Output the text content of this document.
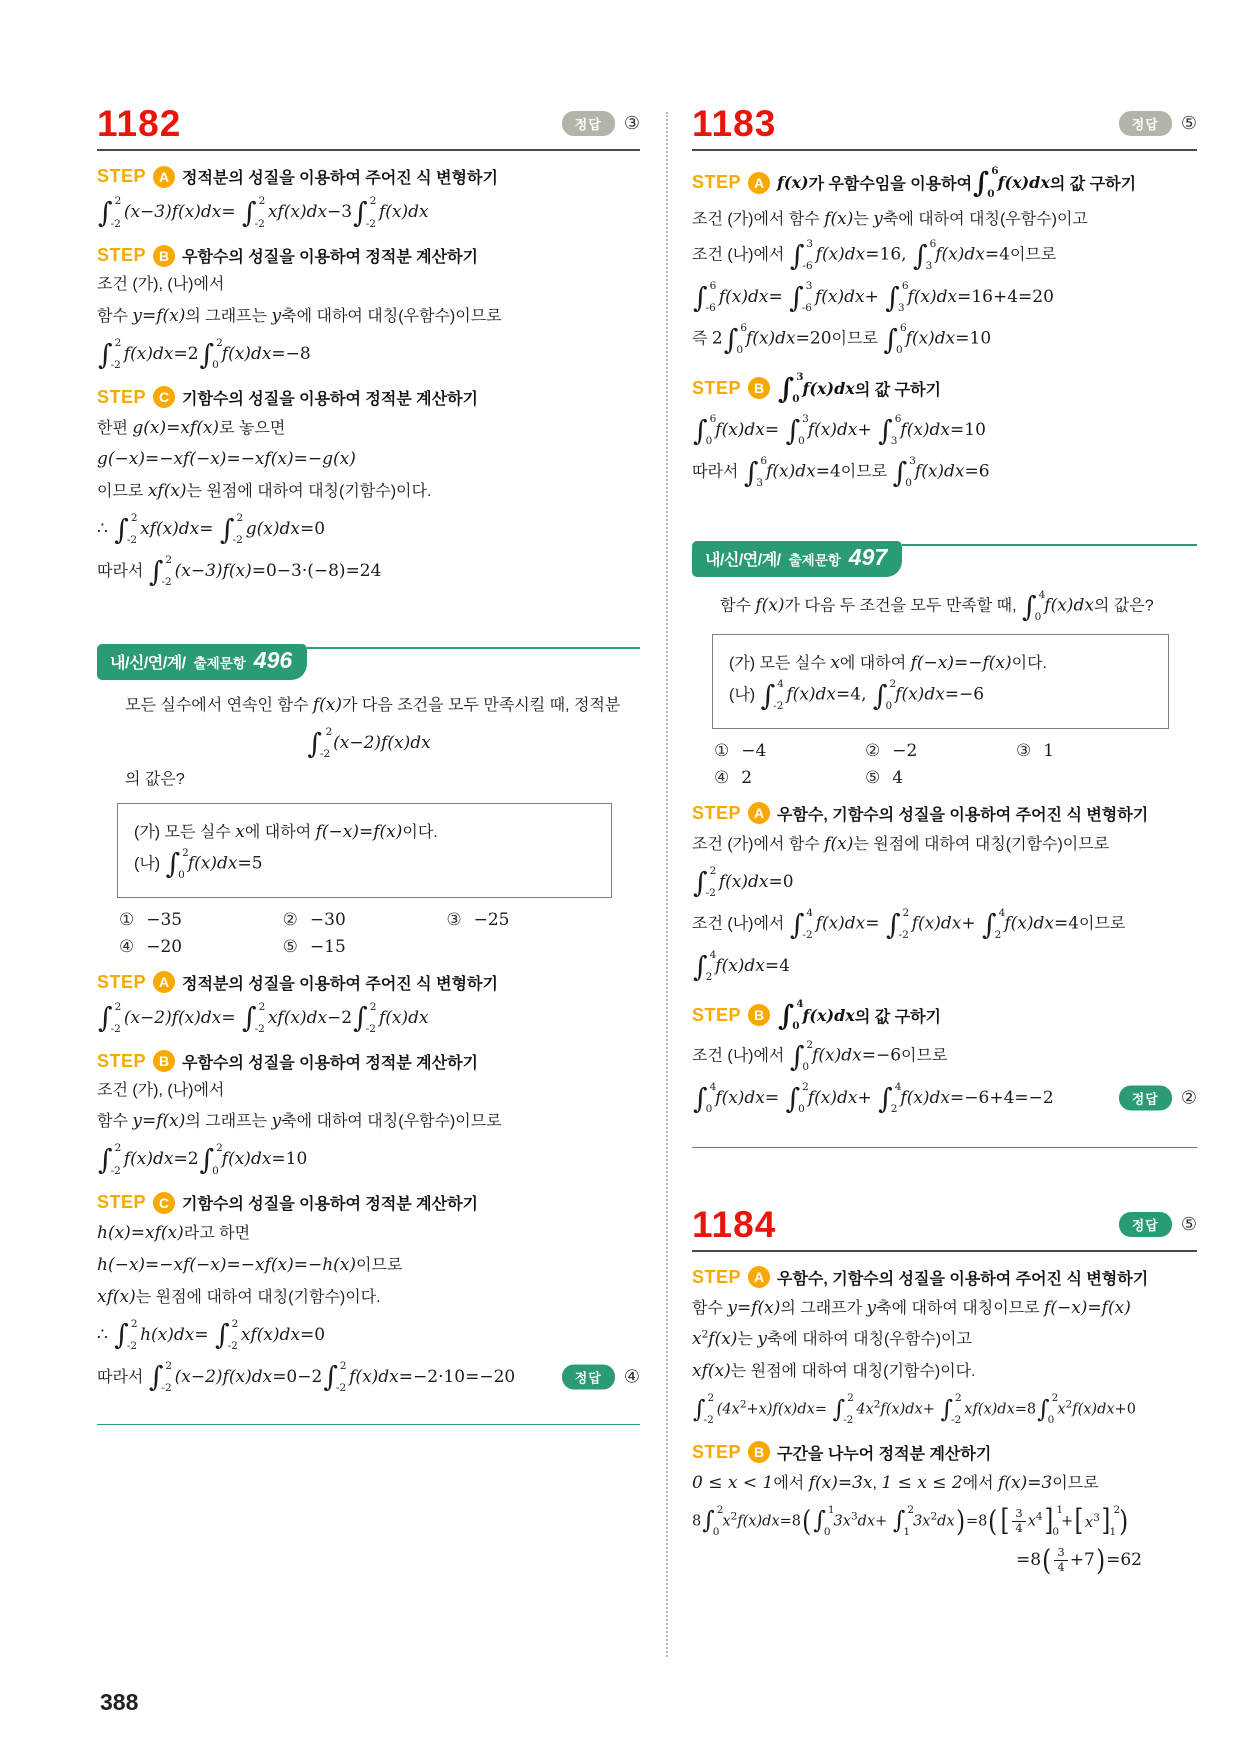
1182	정답	③
STEP A 정적분의 성질을 이용하여 주어진 식 변형하기
∫ 2
-2
(x−3)f(x)dx= ∫ 2
-2
xf(x)dx−3 ∫ 2
-2
f(x)dx
STEP B 우함수의 성질을 이용하여 정적분 계산하기
조건 (가), (나)에서
함수 y=f(x)의 그래프는 y축에 대하여 대칭(우함수)이므로
∫ 2
-2
f(x)dx=2 ∫ 2
0
f(x)dx=−8
STEP C 기함수의 성질을 이용하여 정적분 계산하기
한편 g(x)=xf(x)로 놓으면
g(−x)=−xf(−x)=−xf(x)=−g(x)
이므로 xf(x)는 원점에 대하여 대칭(기함수)이다.
∴ ∫ 2
-2
xf(x)dx= ∫ 2
-2
g(x)dx=0
따라서 ∫ 2
-2
(x−3)f(x)=0−3·(−8)=24
내/신/연/계/ 출제문항 496
모든 실수에서 연속인 함수 f(x)가 다음 조건을 모두 만족시킬 때, 정적분
∫ 2
-2
(x−2)f(x)dx
의 값은?
(가) 모든 실수 x에 대하여 f(−x)=f(x)이다.
(나) ∫ 2
0
f(x)dx=5
① −35	② −30	③ −25
④ −20	⑤ −15
STEP A 정적분의 성질을 이용하여 주어진 식 변형하기
∫ 2
-2
(x−2)f(x)dx= ∫ 2
-2
xf(x)dx−2 ∫ 2
-2
f(x)dx
STEP B 우함수의 성질을 이용하여 정적분 계산하기
조건 (가), (나)에서
함수 y=f(x)의 그래프는 y축에 대하여 대칭(우함수)이므로
∫ 2
-2
f(x)dx=2 ∫ 2
0
f(x)dx=10
STEP C 기함수의 성질을 이용하여 정적분 계산하기
h(x)=xf(x)라고 하면
h(−x)=−xf(−x)=−xf(x)=−h(x)이므로
xf(x)는 원점에 대하여 대칭(기함수)이다.
∴ ∫ 2
-2
h(x)dx= ∫ 2
-2
xf(x)dx=0
따라서 ∫ 2
-2
(x−2)f(x)dx=0−2 ∫ 2
-2
f(x)dx=−2·10=−20	정답	④
1183	정답	⑤
STEP A f(x) 가 우함수임을 이용하여 ∫ 6
0
f(x)dx 의 값 구하기
조건 (가)에서 함수 f(x)는 y축에 대하여 대칭(우함수)이고
조건 (나)에서 ∫ 3
-6
f(x)dx=16, ∫ 6
3
f(x)dx=4이므로
∫ 6
-6
f(x)dx= ∫ 3
-6
f(x)dx+ ∫ 6
3
f(x)dx=16+4=20
즉 2 ∫ 6
0
f(x)dx=20이므로 ∫ 6
0
f(x)dx=10
STEP B ∫ 3
0
f(x)dx 의 값 구하기
∫ 6
0
f(x)dx= ∫ 3
0
f(x)dx+ ∫ 6
3
f(x)dx=10
따라서 ∫ 6
3
f(x)dx=4이므로 ∫ 3
0
f(x)dx=6
내/신/연/계/ 출제문항 497
함수 f(x)가 다음 두 조건을 모두 만족할 때, ∫ 4
0
f(x)dx의 값은?
(가) 모든 실수 x에 대하여 f(−x)=−f(x)이다.
(나) ∫ 4
-2
f(x)dx=4, ∫ 2
0
f(x)dx=−6
① −4	② −2	③ 1
④ 2	⑤ 4
STEP A 우함수, 기함수의 성질을 이용하여 주어진 식 변형하기
조건 (가)에서 함수 f(x)는 원점에 대하여 대칭(기함수)이므로
∫ 2
-2
f(x)dx=0
조건 (나)에서 ∫ 4
-2
f(x)dx= ∫ 2
-2
f(x)dx+ ∫ 4
2
f(x)dx=4이므로
∫ 4
2
f(x)dx=4
STEP B ∫ 4
0
f(x)dx 의 값 구하기
조건 (나)에서 ∫ 2
0
f(x)dx=−6이므로
∫ 4
0
f(x)dx= ∫ 2
0
f(x)dx+ ∫ 4
2
f(x)dx=−6+4=−2	정답	②
1184	정답	⑤
STEP A 우함수, 기함수의 성질을 이용하여 주어진 식 변형하기
함수 y=f(x)의 그래프가 y축에 대하여 대칭이므로 f(−x)=f(x)
$x^2f(x)$는 y축에 대하여 대칭(우함수)이고
xf(x)는 원점에 대하여 대칭(기함수)이다.
∫ 2
-2
$(4x^2+x)f(x)dx=$ ∫ 2
-2
$4x^2f(x)dx+$ ∫ 2
-2
xf(x)dx=8 ∫ 2
0
$x^2f(x)dx+0$
STEP B 구간을 나누어 정적분 계산하기
0 ≤ x < 1에서 f(x)=3x, 1 ≤ x ≤ 2에서 f(x)=3이므로
8 ∫ 2
0
$x^2f(x)dx=8$( ∫ 1
0
$3x^3dx+$ ∫ 2
1
$3x^2dx)=8$( [ $\frac{3}{4} x^4$ ] 1
0
+ [ $x^3$ ] 2
1 )
$=8( \frac{3}{4} +7)=62$
388
